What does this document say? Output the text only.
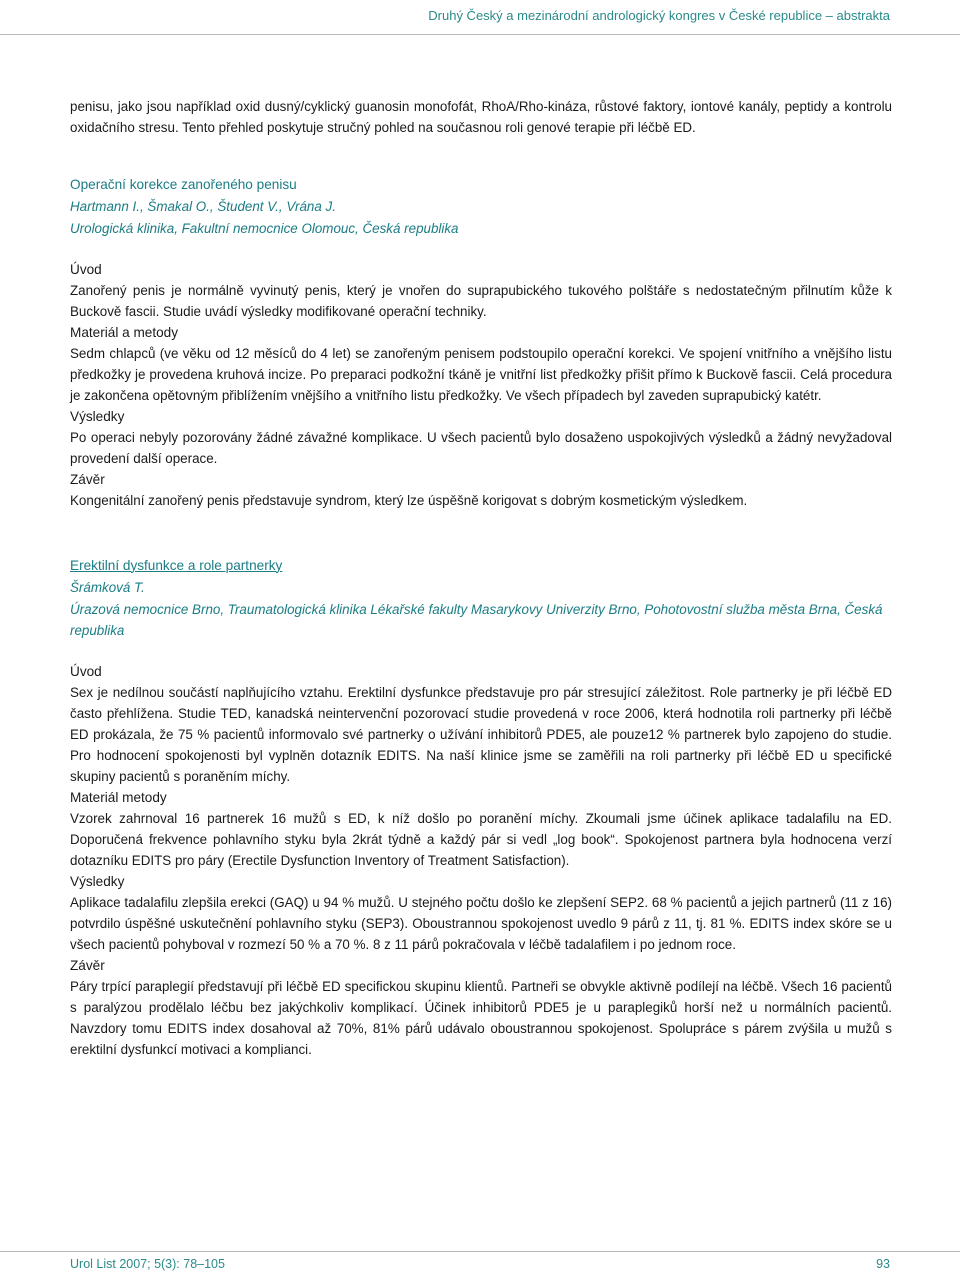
Druhý Český a mezinárodní andrologický kongres v České republice – abstrakta

penisu, jako jsou například oxid dusný/cyklický guanosin monofofát, RhoA/Rho-kináza, růstové faktory, iontové kanály, peptidy a kontrolu oxidačního stresu. Tento přehled poskytuje stručný pohled na současnou roli genové terapie při léčbě ED.

Operační korekce zanořeného penisu

Hartmann I., Šmakal O., Študent V., Vrána J.

Urologická klinika, Fakultní nemocnice Olomouc, Česká republika

Úvod

Zanořený penis je normálně vyvinutý penis, který je vnořen do suprapubického tukového polštáře s nedostatečným přilnutím kůže k Buckově fascii. Studie uvádí výsledky modifikované operační techniky.

Materiál a metody

Sedm chlapců (ve věku od 12 měsíců do 4 let) se zanořeným penisem podstoupilo operační korekci. Ve spojení vnitřního a vnějšího listu předkožky je provedena kruhová incize. Po preparaci podkožní tkáně je vnitřní list předkožky přišit přímo k Buckově fascii. Celá procedura je zakončena opětovným přiblížením vnějšího a vnitřního listu předkožky. Ve všech případech byl zaveden suprapubický katétr.

Výsledky

Po operaci nebyly pozorovány žádné závažné komplikace. U všech pacientů bylo dosaženo uspokojivých výsledků a žádný nevyžadoval provedení další operace.

Závěr

Kongenitální zanořený penis představuje syndrom, který lze úspěšně korigovat s dobrým kosmetickým výsledkem.

Erektilní dysfunkce a role partnerky

Šrámková T.

Úrazová nemocnice Brno, Traumatologická klinika Lékařské fakulty Masarykovy Univerzity Brno, Pohotovostní služba města Brna, Česká republika

Úvod

Sex je nedílnou součástí naplňujícího vztahu. Erektilní dysfunkce představuje pro pár stresující záležitost. Role partnerky je při léčbě ED často přehlížena. Studie TED, kanadská neintervenční pozorovací studie provedená v roce 2006, která hodnotila roli partnerky při léčbě ED prokázala, že 75 % pacientů informovalo své partnerky o užívání inhibitorů PDE5, ale pouze12 % partnerek bylo zapojeno do studie. Pro hodnocení spokojenosti byl vyplněn dotazník EDITS. Na naší klinice jsme se zaměřili na roli partnerky při léčbě ED u specifické skupiny pacientů s poraněním míchy.

Materiál metody

Vzorek zahrnoval 16 partnerek 16 mužů s ED, k níž došlo po poranění míchy. Zkoumali jsme účinek aplikace tadalafilu na ED. Doporučená frekvence pohlavního styku byla 2krát týdně a každý pár si vedl „log book“. Spokojenost partnera byla hodnocena verzí dotazníku EDITS pro páry (Erectile Dysfunction Inventory of Treatment Satisfaction).

Výsledky

Aplikace tadalafilu zlepšila erekci (GAQ) u 94 % mužů. U stejného počtu došlo ke zlepšení SEP2. 68 % pacientů a jejich partnerů (11 z 16) potvrdilo úspěšné uskutečnění pohlavního styku (SEP3). Oboustrannou spokojenost uvedlo 9 párů z 11, tj. 81 %. EDITS index skóre se u všech pacientů pohyboval v rozmezí 50 % a 70 %. 8 z 11 párů pokračovala v léčbě tadalafilem i po jednom roce.

Závěr

Páry trpící paraplegií představují při léčbě ED specifickou skupinu klientů. Partneři se obvykle aktivně podílejí na léčbě. Všech 16 pacientů s paralýzou prodělalo léčbu bez jakýchkoliv komplikací. Účinek inhibitorů PDE5 je u paraplegiků horší než u normálních pacientů. Navzdory tomu EDITS index dosahoval až 70%, 81% párů udávalo oboustrannou spokojenost. Spolupráce s párem zvýšila u mužů s erektilní dysfunkcí motivaci a komplianci.

Urol List 2007; 5(3): 78–105	93
